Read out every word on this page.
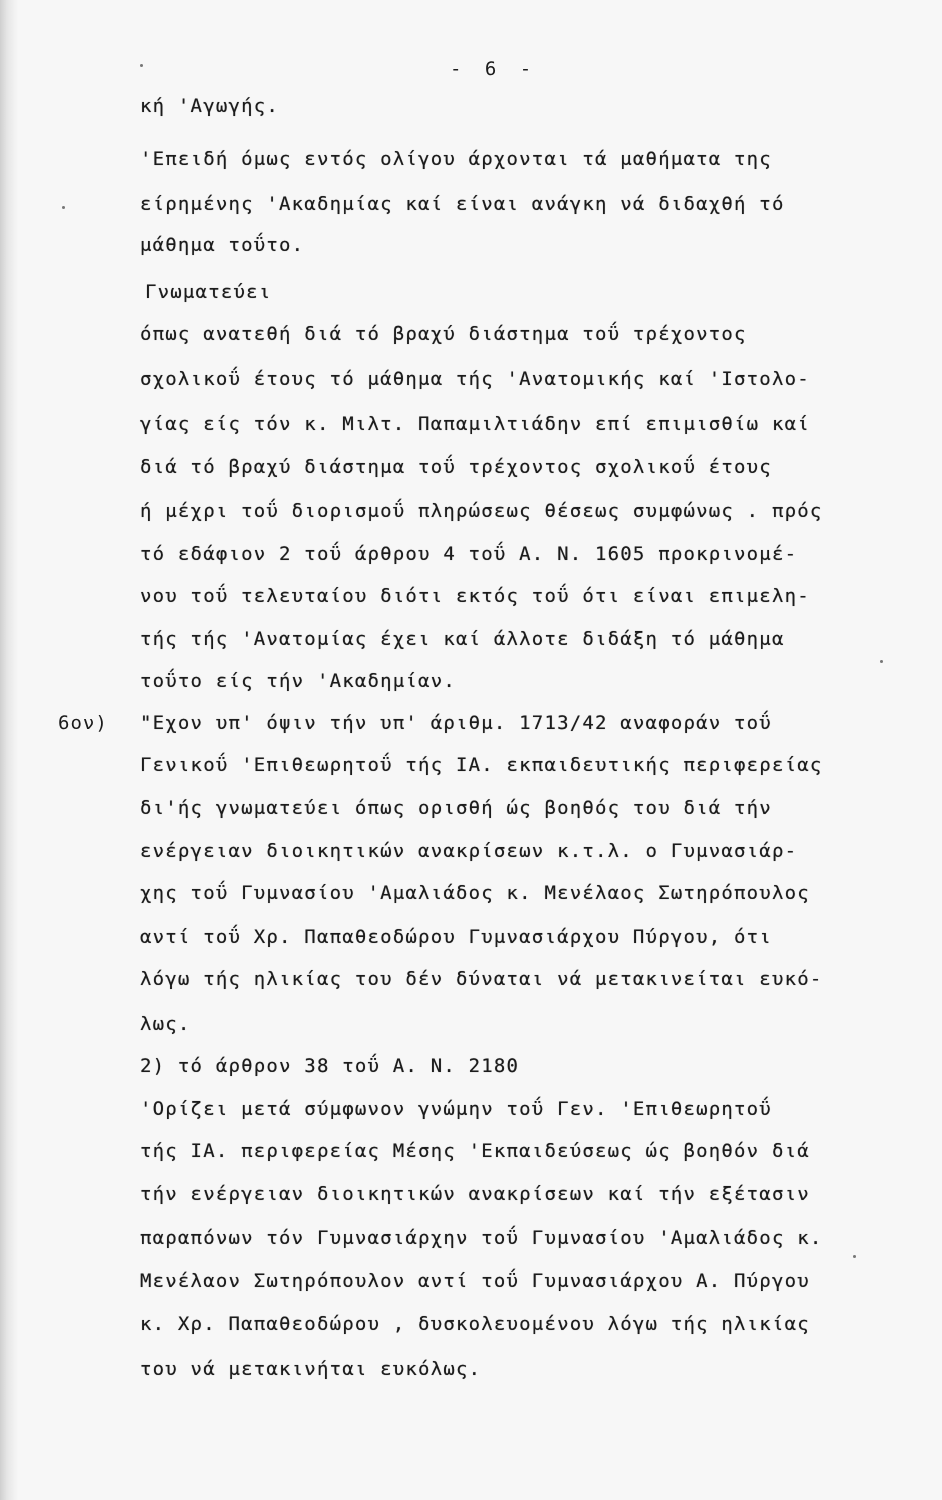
- 6 -
κή 'Αγωγής.
'Επειδή όμως εντός ολίγου άρχονται τά μαθήματα της
είρημένης 'Ακαδημίας καί είναι ανάγκη νά διδαχθή τό
μάθημα τοΰτο.
Γνωματεύει
όπως ανατεθή διά τό βραχύ διάστημα τοΰ τρέχοντος
σχολικοΰ έτους τό μάθημα τής 'Ανατομικής καί 'Ιστολο-
γίας είς τόν κ. Μιλτ. Παπαμιλτιάδην επί επιμισθίω καί
διά τό βραχύ διάστημα τοΰ τρέχοντος σχολικοΰ έτους
ή μέχρι τοΰ διορισμοΰ πληρώσεως θέσεως συμφώνως . πρός
τό εδάφιον 2 τοΰ άρθρου 4 τοΰ Α. Ν. 1605 προκρινομέ-
νου τοΰ τελευταίου διότι εκτός τοΰ ότι είναι επιμελη-
τής τής 'Ανατομίας έχει καί άλλοτε διδάξη τό μάθημα
τοΰτο είς τήν 'Ακαδημίαν.
6ον) "Εχον υπ' όψιν τήν υπ' άριθμ. 1713/42 αναφοράν τοΰ
Γενικοΰ 'Επιθεωρητοΰ τής ΙΑ. εκπαιδευτικής περιφερείας
δι'ής γνωματεύει όπως ορισθή ώς βοηθός του διά τήν
ενέργειαν διοικητικών ανακρίσεων κ.τ.λ. ο Γυμνασιάρ-
χης τοΰ Γυμνασίου 'Αμαλιάδος κ. Μενέλαος Σωτηρόπουλος
αντί τοΰ Χρ. Παπαθεοδώρου Γυμνασιάρχου Πύργου, ότι
λόγω τής ηλικίας του δέν δύναται νά μετακινείται ευκό-
λως.
2) τό άρθρον 38 τοΰ Α. Ν. 2180
'Ορίζει μετά σύμφωνον γνώμην τοΰ Γεν. 'Επιθεωρητοΰ
τής ΙΑ. περιφερείας Μέσης 'Εκπαιδεύσεως ώς βοηθόν διά
τήν ενέργειαν διοικητικών ανακρίσεων καί τήν εξέτασιν
παραπόνων τόν Γυμνασιάρχην τοΰ Γυμνασίου 'Αμαλιάδος κ.
Μενέλαον Σωτηρόπουλον αντί τοΰ Γυμνασιάρχου Α. Πύργου
κ. Χρ. Παπαθεοδώρου , δυσκολευομένου λόγω τής ηλικίας
του νά μετακινήται ευκόλως.
